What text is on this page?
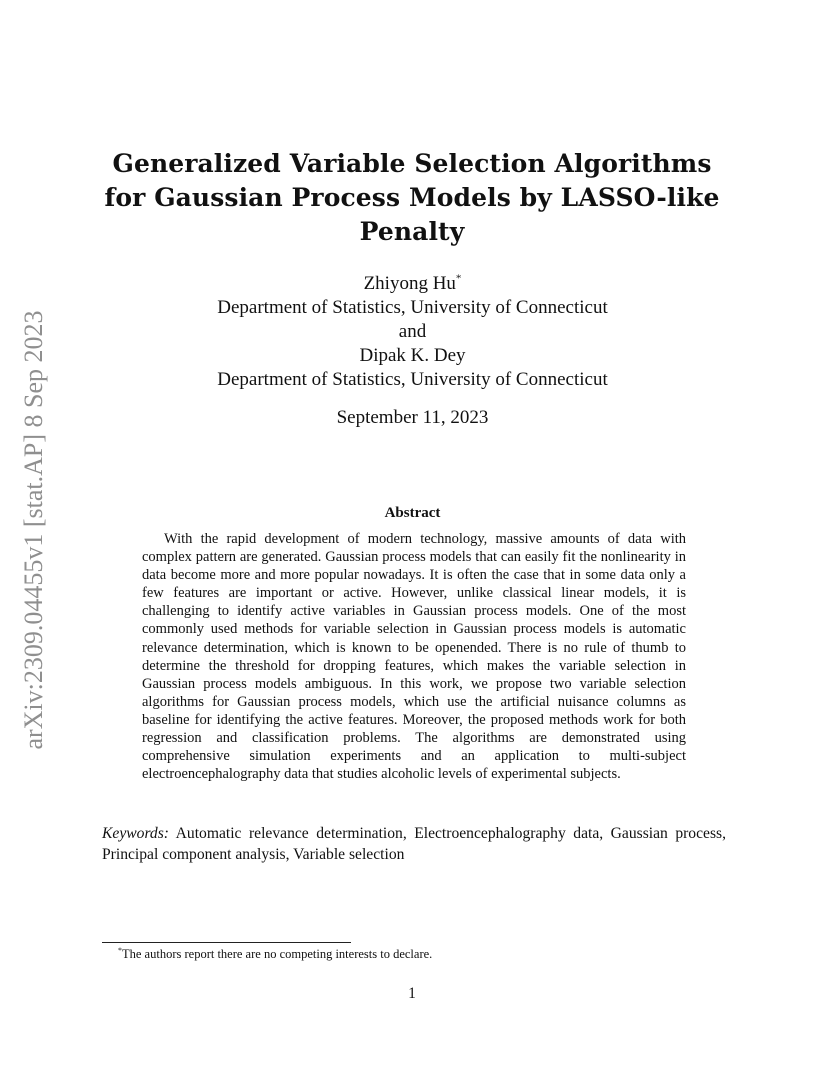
arXiv:2309.04455v1 [stat.AP] 8 Sep 2023
Generalized Variable Selection Algorithms
for Gaussian Process Models by LASSO-like
Penalty
Zhiyong Hu*
Department of Statistics, University of Connecticut
and
Dipak K. Dey
Department of Statistics, University of Connecticut
September 11, 2023
Abstract
With the rapid development of modern technology, massive amounts of data with complex pattern are generated. Gaussian process models that can easily fit the nonlinearity in data become more and more popular nowadays. It is often the case that in some data only a few features are important or active. However, unlike classical linear models, it is challenging to identify active variables in Gaussian process models. One of the most commonly used methods for variable selection in Gaussian process models is automatic relevance determination, which is known to be openended. There is no rule of thumb to determine the threshold for dropping features, which makes the variable selection in Gaussian process models ambiguous. In this work, we propose two variable selection algorithms for Gaussian process models, which use the artificial nuisance columns as baseline for identifying the active features. Moreover, the proposed methods work for both regression and classification problems. The algorithms are demonstrated using comprehensive simulation experiments and an application to multi-subject electroencephalography data that studies alcoholic levels of experimental subjects.
Keywords: Automatic relevance determination, Electroencephalography data, Gaussian process, Principal component analysis, Variable selection
*The authors report there are no competing interests to declare.
1
